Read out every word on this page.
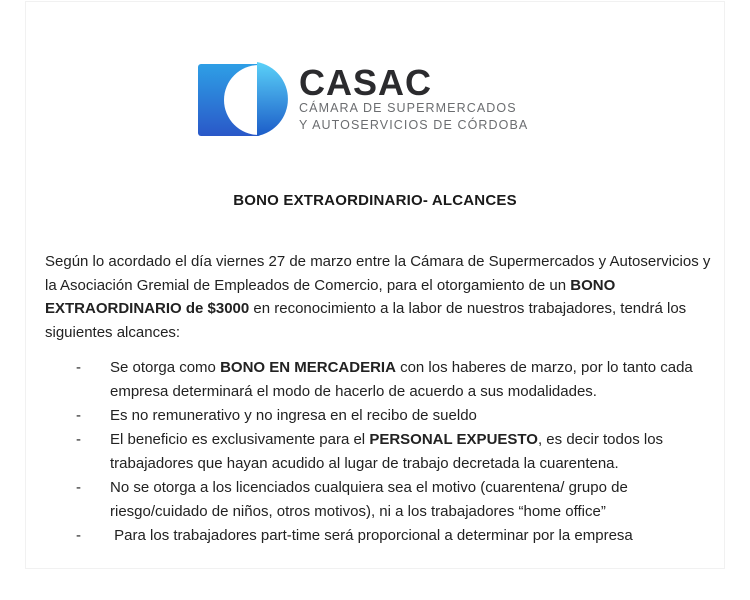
CASAC
CÁMARA DE SUPERMERCADOS
Y AUTOSERVICIOS DE CÓRDOBA
BONO EXTRAORDINARIO- ALCANCES
Según lo acordado el día viernes 27 de marzo entre la Cámara de Supermercados y Autoservicios y
la Asociación Gremial de Empleados de Comercio, para el otorgamiento de un BONO
EXTRAORDINARIO de $3000 en reconocimiento a la labor de nuestros trabajadores, tendrá los
siguientes alcances:
-	Se otorga como BONO EN MERCADERIA con los haberes de marzo, por lo tanto cada
empresa determinará el modo de hacerlo de acuerdo a sus modalidades.
-	Es no remunerativo y no ingresa en el recibo de sueldo
-	El beneficio es exclusivamente para el PERSONAL EXPUESTO, es decir todos los
trabajadores que hayan acudido al lugar de trabajo decretada la cuarentena.
-	No se otorga a los licenciados cualquiera sea el motivo (cuarentena/ grupo de
riesgo/cuidado de niños, otros motivos), ni a los trabajadores “home office”
-	Para los trabajadores part-time será proporcional a determinar por la empresa
